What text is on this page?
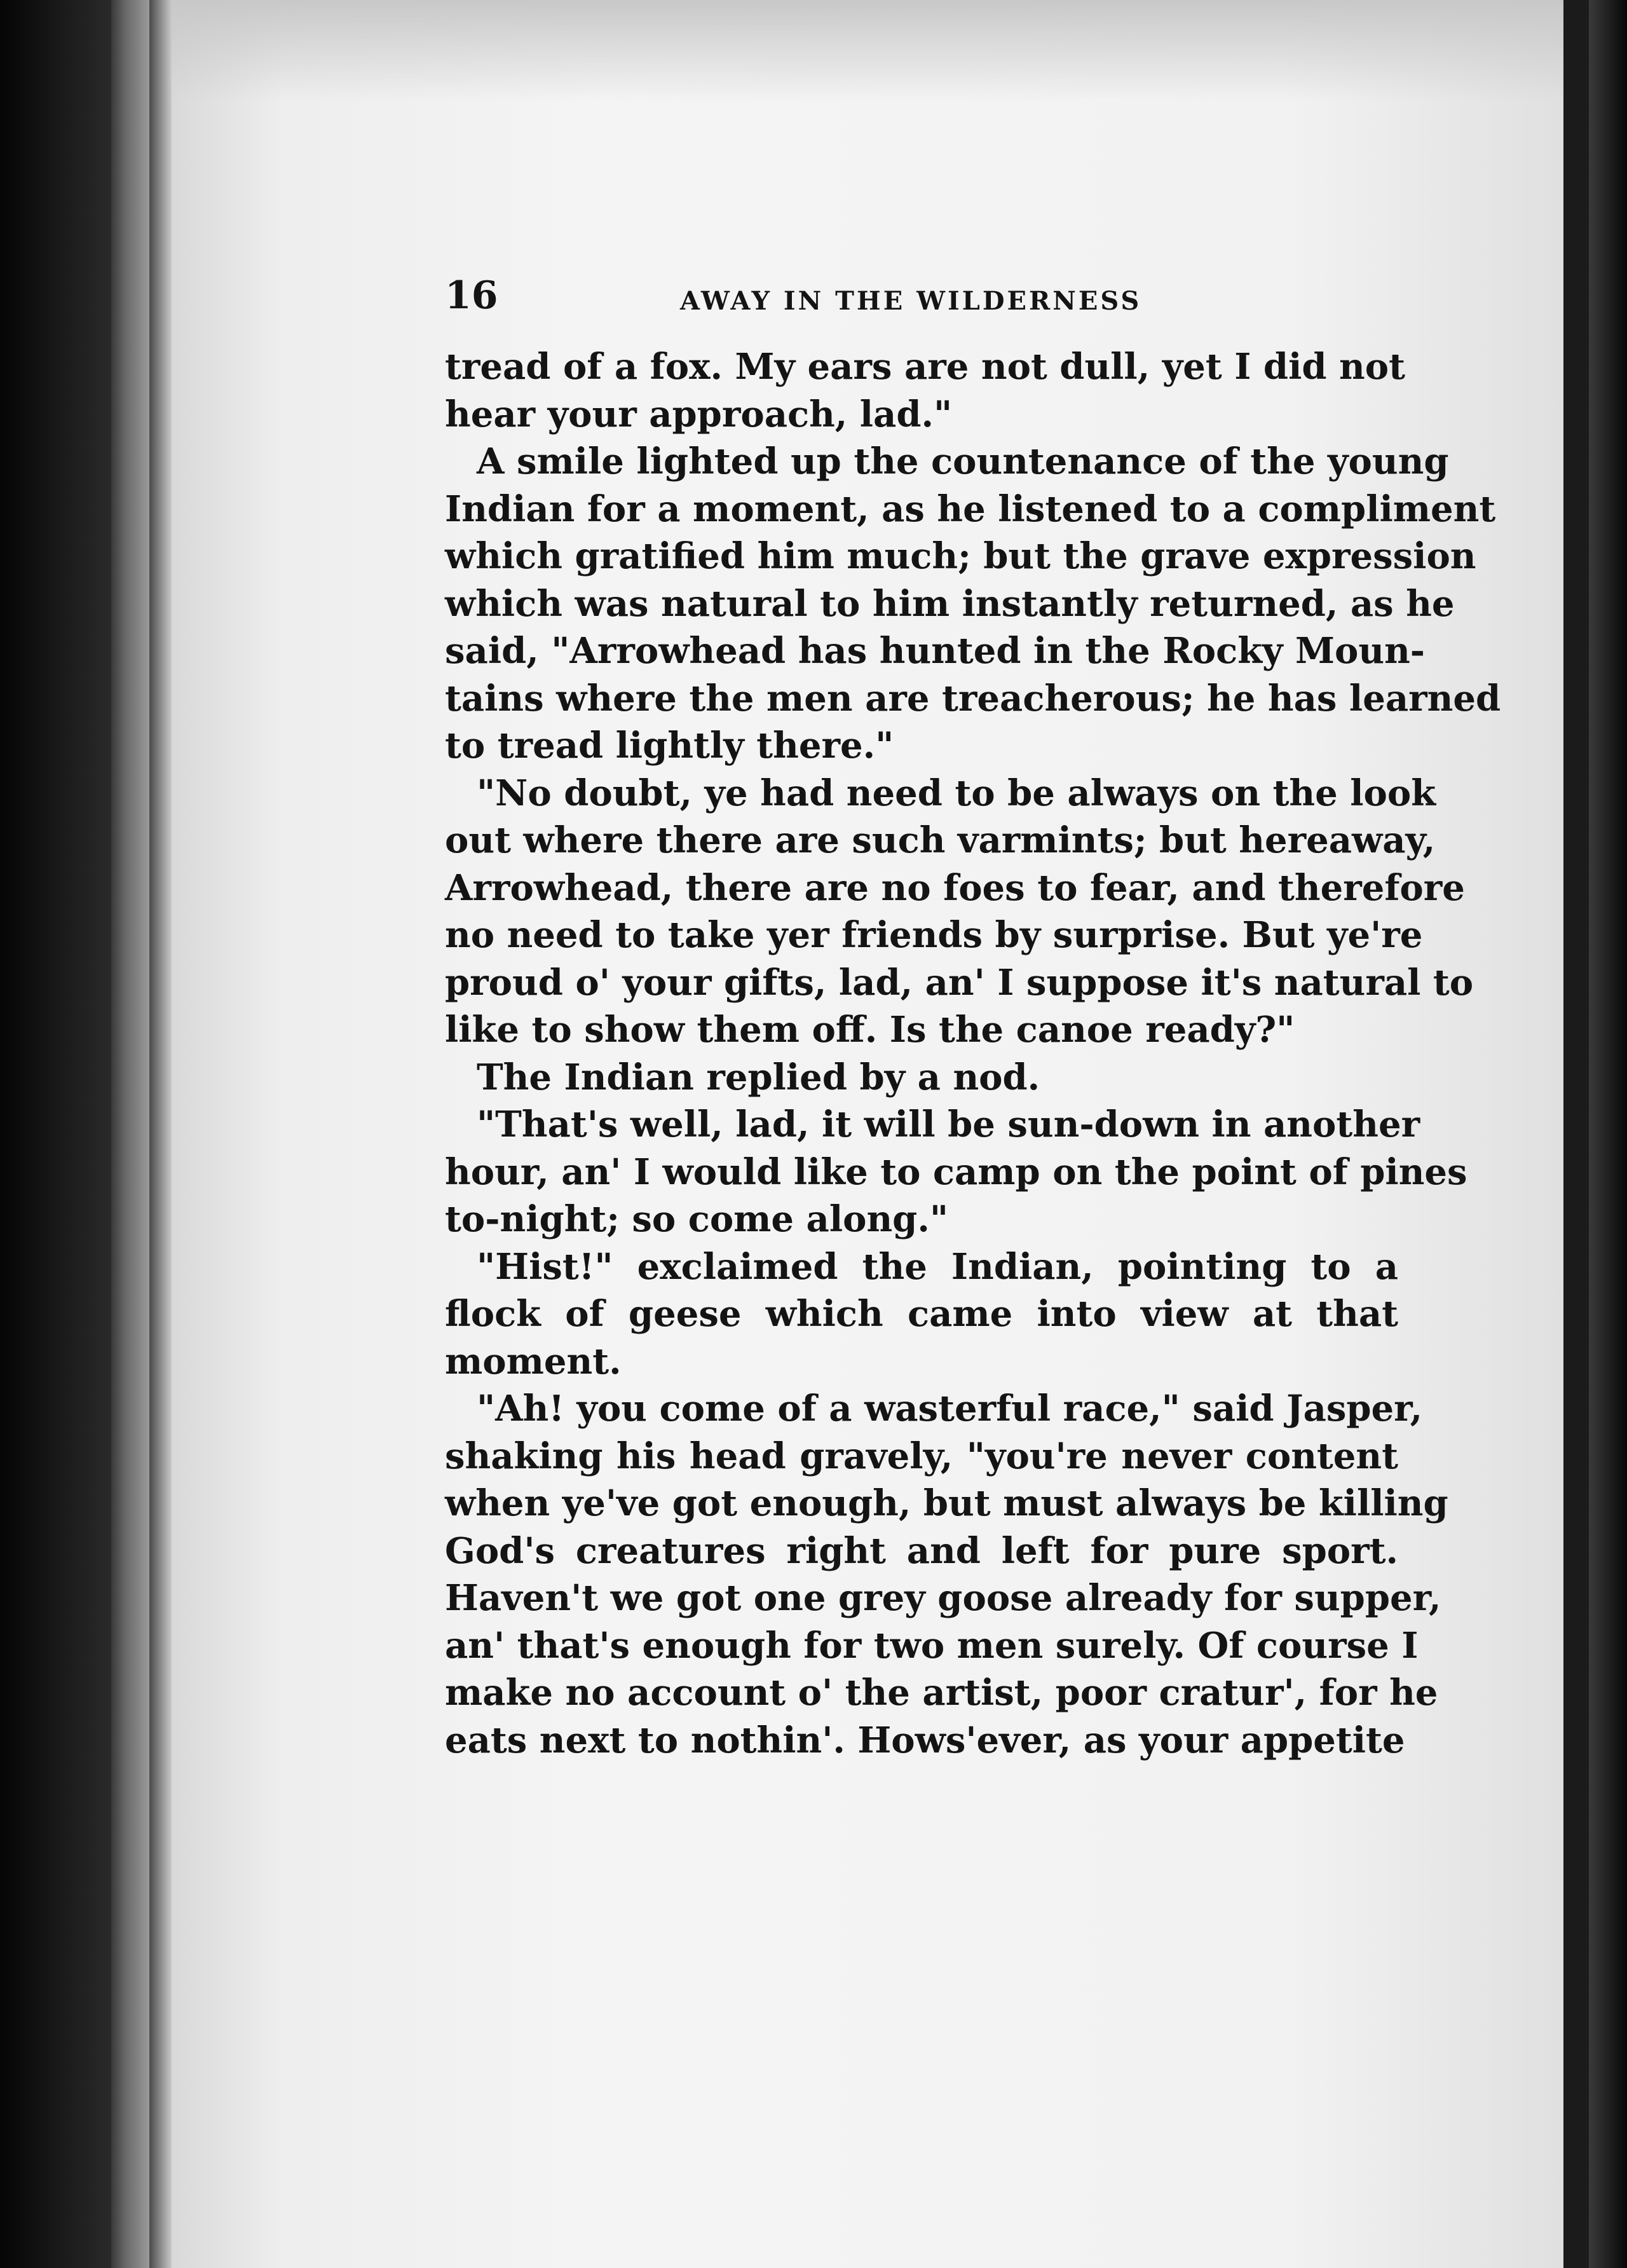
16	AWAY IN THE WILDERNESS
tread of a fox. My ears are not dull, yet I did not
hear your approach, lad."
A smile lighted up the countenance of the young
Indian for a moment, as he listened to a compliment
which gratified him much; but the grave expression
which was natural to him instantly returned, as he
said, "Arrowhead has hunted in the Rocky Moun-
tains where the men are treacherous; he has learned
to tread lightly there."
"No doubt, ye had need to be always on the look
out where there are such varmints; but hereaway,
Arrowhead, there are no foes to fear, and therefore
no need to take yer friends by surprise. But ye're
proud o' your gifts, lad, an' I suppose it's natural to
like to show them off. Is the canoe ready?"
The Indian replied by a nod.
"That's well, lad, it will be sun-down in another
hour, an' I would like to camp on the point of pines
to-night; so come along."
"Hist!" exclaimed the Indian, pointing to a
flock of geese which came into view at that
moment.
"Ah! you come of a wasterful race," said Jasper,
shaking his head gravely, "you're never content
when ye've got enough, but must always be killing
God's creatures right and left for pure sport.
Haven't we got one grey goose already for supper,
an' that's enough for two men surely. Of course I
make no account o' the artist, poor cratur', for he
eats next to nothin'. Hows'ever, as your appetite
